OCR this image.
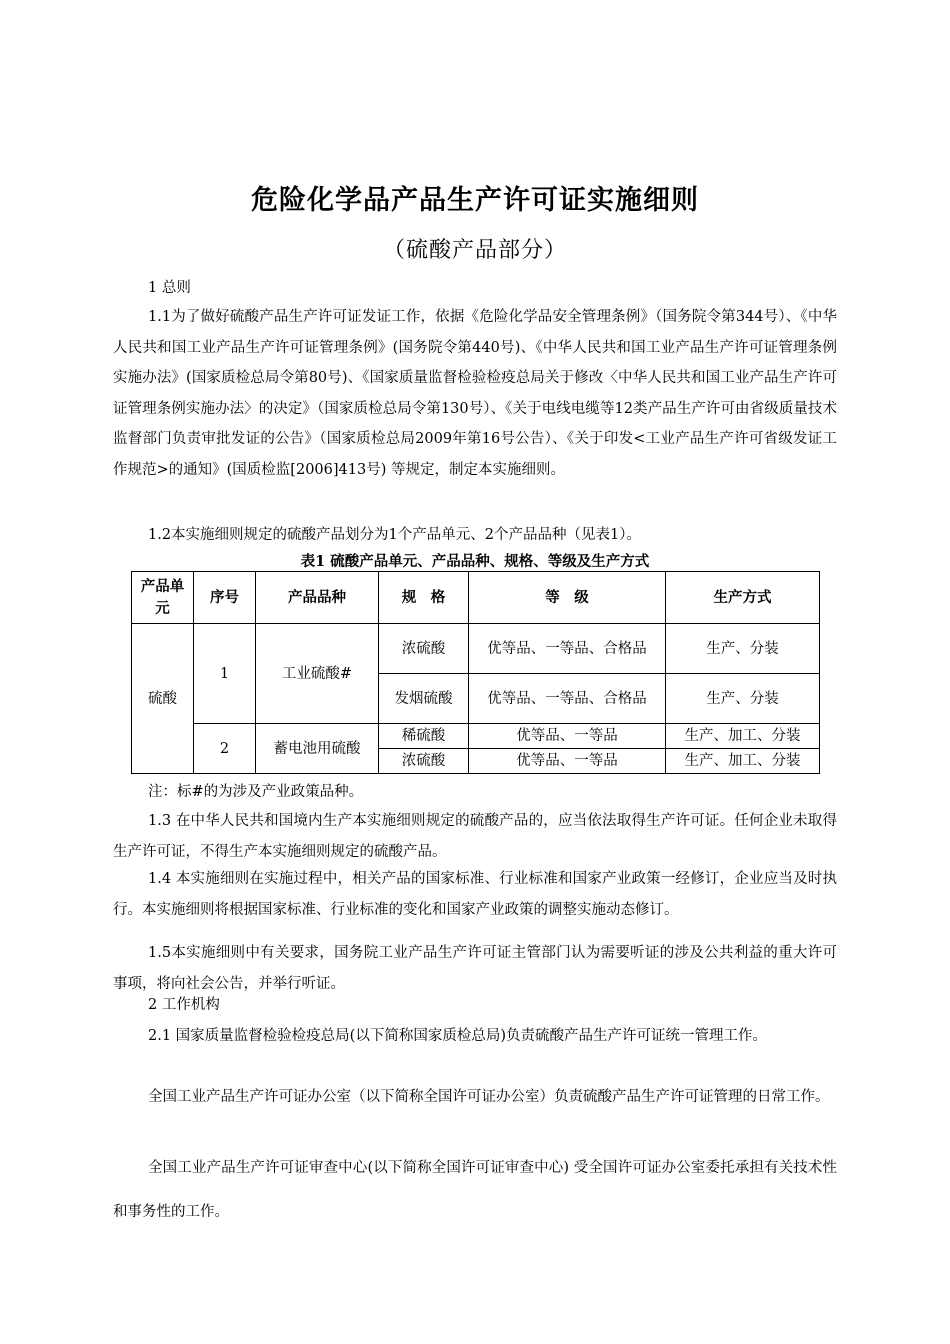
危险化学品产品生产许可证实施细则
（硫酸产品部分）
1 总则
1.1为了做好硫酸产品生产许可证发证工作，依据《危险化学品安全管理条例》（国务院令第344号）、《中华人民共和国工业产品生产许可证管理条例》(国务院令第440号)、《中华人民共和国工业产品生产许可证管理条例实施办法》(国家质检总局令第80号)、《国家质量监督检验检疫总局关于修改〈中华人民共和国工业产品生产许可证管理条例实施办法〉的决定》（国家质检总局令第130号）、《关于电线电缆等12类产品生产许可由省级质量技术监督部门负责审批发证的公告》（国家质检总局2009年第16号公告）、《关于印发<工业产品生产许可省级发证工作规范>的通知》(国质检监[2006]413号) 等规定，制定本实施细则。
1.2本实施细则规定的硫酸产品划分为1个产品单元、2个产品品种（见表1）。
表1 硫酸产品单元、产品品种、规格、等级及生产方式
产品单元	序号	产品品种	规　格	等　级	生产方式
硫酸	1	工业硫酸#	浓硫酸	优等品、一等品、合格品	生产、分装
			发烟硫酸	优等品、一等品、合格品	生产、分装
	2	蓄电池用硫酸	稀硫酸	优等品、一等品	生产、加工、分装
			浓硫酸	优等品、一等品	生产、加工、分装
注：标#的为涉及产业政策品种。
1.3 在中华人民共和国境内生产本实施细则规定的硫酸产品的，应当依法取得生产许可证。任何企业未取得生产许可证，不得生产本实施细则规定的硫酸产品。
1.4 本实施细则在实施过程中，相关产品的国家标准、行业标准和国家产业政策一经修订，企业应当及时执行。本实施细则将根据国家标准、行业标准的变化和国家产业政策的调整实施动态修订。
1.5本实施细则中有关要求，国务院工业产品生产许可证主管部门认为需要听证的涉及公共利益的重大许可事项，将向社会公告，并举行听证。
2 工作机构
2.1 国家质量监督检验检疫总局(以下简称国家质检总局)负责硫酸产品生产许可证统一管理工作。
全国工业产品生产许可证办公室（以下简称全国许可证办公室）负责硫酸产品生产许可证管理的日常工作。
全国工业产品生产许可证审查中心(以下简称全国许可证审查中心) 受全国许可证办公室委托承担有关技术性和事务性的工作。
